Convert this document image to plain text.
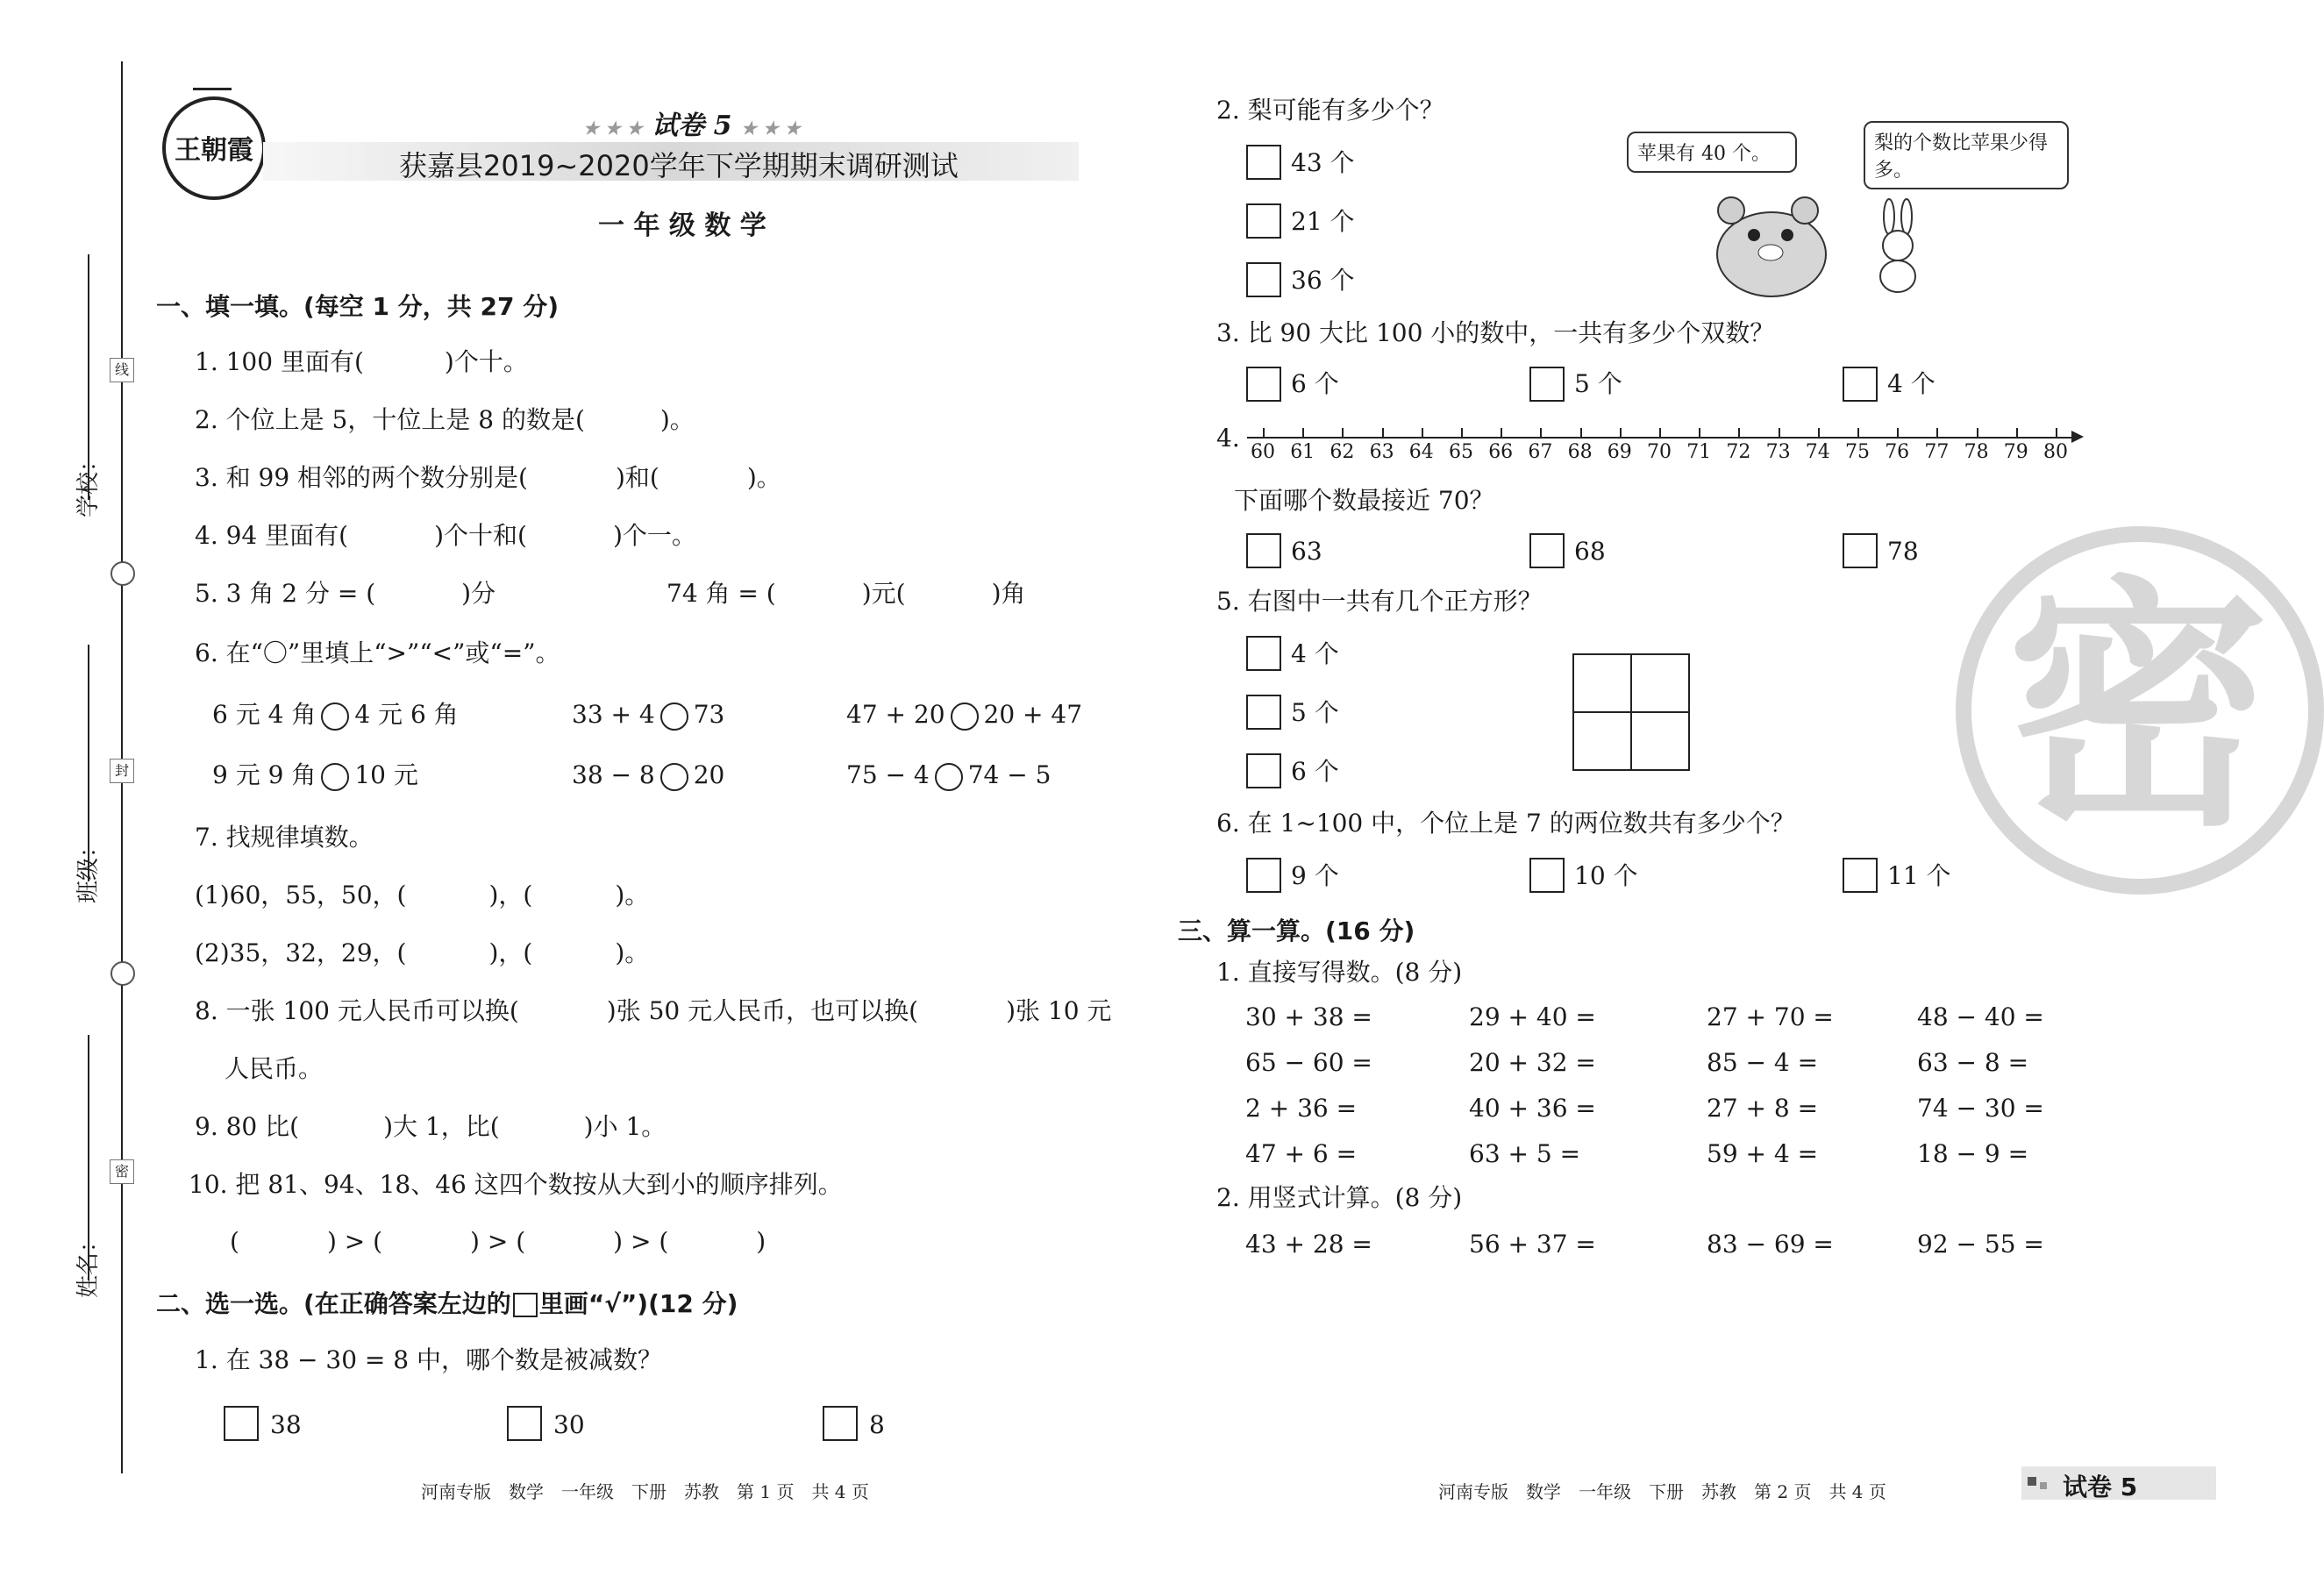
学校：
班级：
姓名：
线
封
密
王朝霞
★ ★ ★ 试卷 5 ★ ★ ★
获嘉县2019~2020学年下学期期末调研测试
一 年 级 数 学
一、填一填。(每空 1 分，共 27 分)
1. 100 里面有(	)个十。
2. 个位上是 5，十位上是 8 的数是(	)。
3. 和 99 相邻的两个数分别是(	)和(	)。
4. 94 里面有(	)个十和(	)个一。
5. 3 角 2 分 = (	)分	74 角 = (	)元(	)角
6. 在“〇”里填上“>”“<”或“=”。
6 元 4 角 4 元 6 角	33 + 4 73	47 + 20 20 + 47
9 元 9 角 10 元	38 − 8 20	75 − 4 74 − 5
7. 找规律填数。
(1)60，55，50，(	)，(	)。
(2)35，32，29，(	)，(	)。
8. 一张 100 元人民币可以换(	)张 50 元人民币，也可以换(	)张 10 元
人民币。
9. 80 比(	)大 1，比(	)小 1。
10. 把 81、94、18、46 这四个数按从大到小的顺序排列。
(	) > (	) > (	) > (	)
二、选一选。(在正确答案左边的 里画“√”)(12 分)
1. 在 38 − 30 = 8 中，哪个数是被减数？
38	30	8
河南专版　数学　一年级　下册　苏教　第 1 页　共 4 页
2. 梨可能有多少个？
43 个
21 个
36 个
苹果有 40 个。	梨的个数比苹果少得多。
3. 比 90 大比 100 小的数中，一共有多少个双数？
6 个	5 个	4 个
4. 60 61 62 63 64 65 66 67 68 69 70 71 72 73 74 75 76 77 78 79 80
下面哪个数最接近 70？
63	68	78
5. 右图中一共有几个正方形？
4 个
5 个
6 个
6. 在 1~100 中，个位上是 7 的两位数共有多少个？
9 个	10 个	11 个
三、算一算。(16 分)
1. 直接写得数。(8 分)
30 + 38 =	29 + 40 =	27 + 70 =	48 − 40 =
65 − 60 =	20 + 32 =	85 − 4 =	63 − 8 =
2 + 36 =	40 + 36 =	27 + 8 =	74 − 30 =
47 + 6 =	63 + 5 =	59 + 4 =	18 − 9 =
2. 用竖式计算。(8 分)
43 + 28 =	56 + 37 =	83 − 69 =	92 − 55 =
密
河南专版　数学　一年级　下册　苏教　第 2 页　共 4 页	试卷 5
